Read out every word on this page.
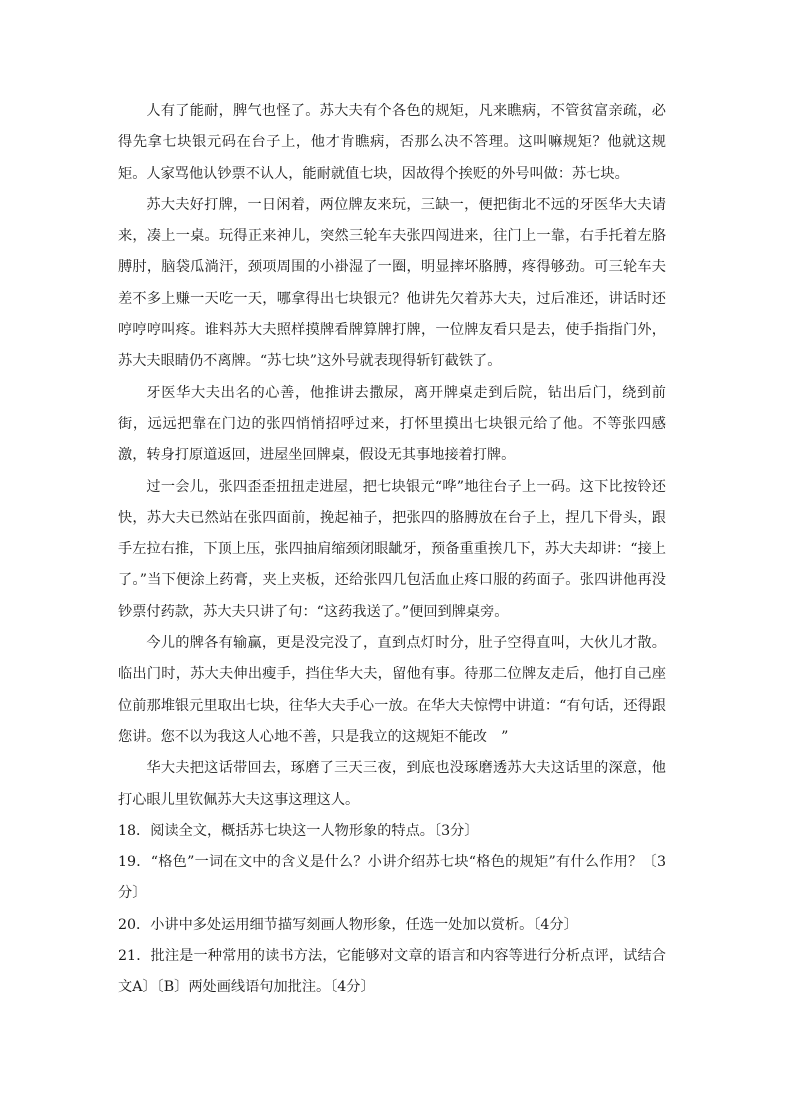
人有了能耐，脾气也怪了。苏大夫有个各色的规矩，凡来瞧病，不管贫富亲疏，必得先拿七块银元码在台子上，他才肯瞧病，否那么决不答理。这叫嘛规矩？他就这规矩。人家骂他认钞票不认人，能耐就值七块，因故得个挨贬的外号叫做：苏七块。

苏大夫好打牌，一日闲着，两位牌友来玩，三缺一，便把街北不远的牙医华大夫请来，凑上一桌。玩得正来神儿，突然三轮车夫张四闯进来，往门上一靠，右手托着左胳膊肘，脑袋瓜淌汗，颈项周围的小褂湿了一圈，明显摔坏胳膊，疼得够劲。可三轮车夫差不多上赚一天吃一天，哪拿得出七块银元？他讲先欠着苏大夫，过后准还，讲话时还哼哼哼叫疼。谁料苏大夫照样摸牌看牌算牌打牌，一位牌友看只是去，使手指指门外，苏大夫眼睛仍不离牌。“苏七块”这外号就表现得斩钉截铁了。

牙医华大夫出名的心善，他推讲去撒尿，离开牌桌走到后院，钻出后门，绕到前街，远远把靠在门边的张四悄悄招呼过来，打怀里摸出七块银元给了他。不等张四感激，转身打原道返回，进屋坐回牌桌，假设无其事地接着打牌。

过一会儿，张四歪歪扭扭走进屋，把七块银元“哗”地往台子上一码。这下比按铃还快，苏大夫已然站在张四面前，挽起袖子，把张四的胳膊放在台子上，捏几下骨头，跟手左拉右推，下顶上压，张四抽肩缩颈闭眼龇牙，预备重重挨几下，苏大夫却讲：“接上了。”当下便涂上药膏，夹上夹板，还给张四几包活血止疼口服的药面子。张四讲他再没钞票付药款，苏大夫只讲了句：“这药我送了。”便回到牌桌旁。

今儿的牌各有输赢，更是没完没了，直到点灯时分，肚子空得直叫，大伙儿才散。临出门时，苏大夫伸出瘦手，挡住华大夫，留他有事。待那二位牌友走后，他打自己座位前那堆银元里取出七块，往华大夫手心一放。在华大夫惊愕中讲道：“有句话，还得跟您讲。您不以为我这人心地不善，只是我立的这规矩不能改　”

华大夫把这话带回去，琢磨了三天三夜，到底也没琢磨透苏大夫这话里的深意，他打心眼儿里钦佩苏大夫这事这理这人。

18．阅读全文，概括苏七块这一人物形象的特点。〔3分〕

19．“格色”一词在文中的含义是什么？小讲介绍苏七块“格色的规矩”有什么作用？〔3分〕

20．小讲中多处运用细节描写刻画人物形象，任选一处加以赏析。〔4分〕

21．批注是一种常用的读书方法，它能够对文章的语言和内容等进行分析点评，试结合文A〕〔B〕两处画线语句加批注。〔4分〕
